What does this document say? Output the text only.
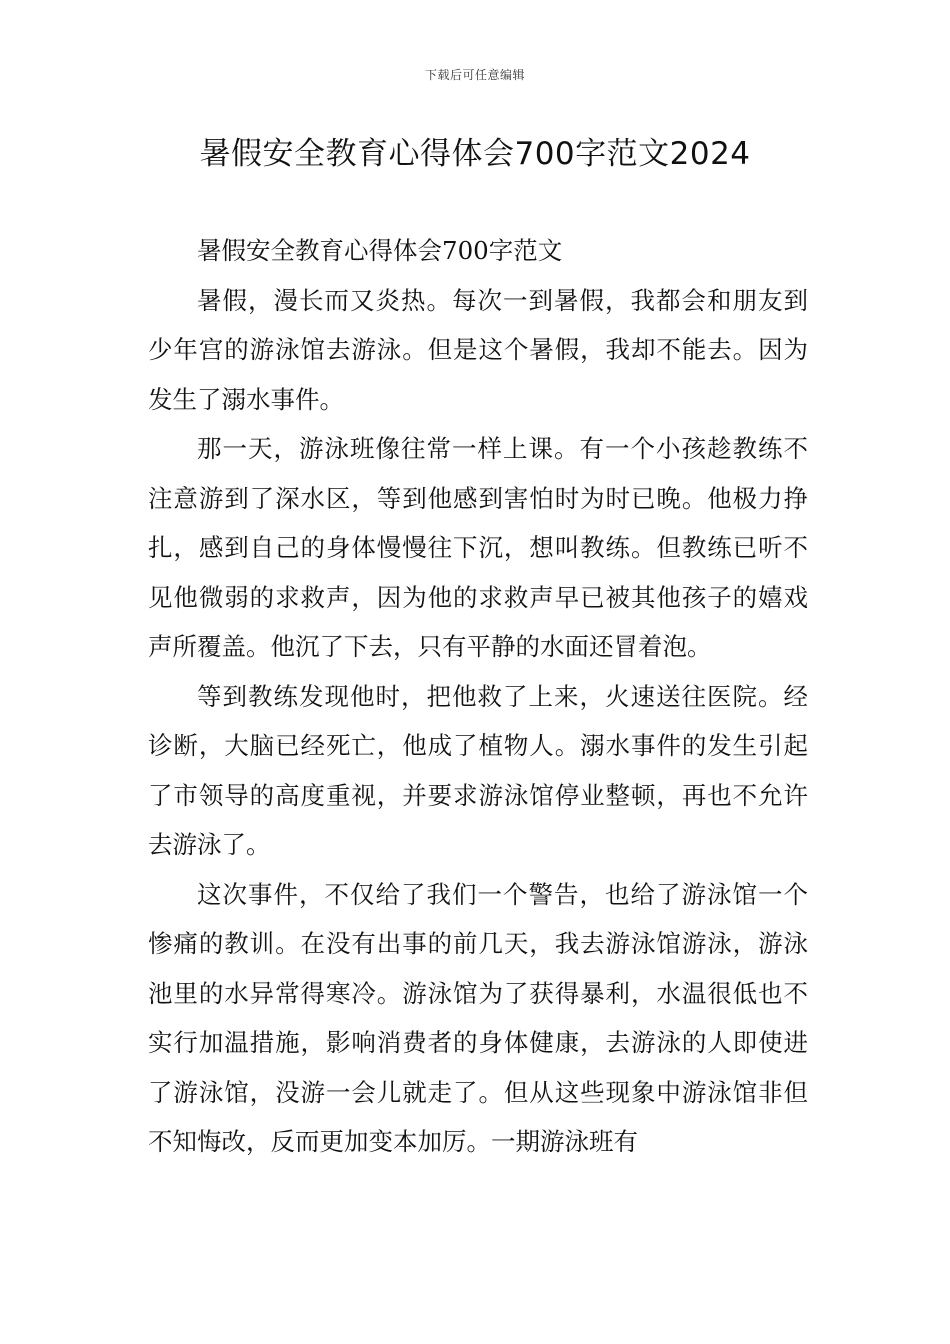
下载后可任意编辑
暑假安全教育心得体会700字范文2024

暑假安全教育心得体会700字范文

暑假，漫长而又炎热。每次一到暑假，我都会和朋友到少年宫的游泳馆去游泳。但是这个暑假，我却不能去。因为发生了溺水事件。

那一天，游泳班像往常一样上课。有一个小孩趁教练不注意游到了深水区，等到他感到害怕时为时已晚。他极力挣扎，感到自己的身体慢慢往下沉，想叫教练。但教练已听不见他微弱的求救声，因为他的求救声早已被其他孩子的嬉戏声所覆盖。他沉了下去，只有平静的水面还冒着泡。

等到教练发现他时，把他救了上来，火速送往医院。经诊断，大脑已经死亡，他成了植物人。溺水事件的发生引起了市领导的高度重视，并要求游泳馆停业整顿，再也不允许去游泳了。

这次事件，不仅给了我们一个警告，也给了游泳馆一个惨痛的教训。在没有出事的前几天，我去游泳馆游泳，游泳池里的水异常得寒冷。游泳馆为了获得暴利，水温很低也不实行加温措施，影响消费者的身体健康，去游泳的人即使进了游泳馆，没游一会儿就走了。但从这些现象中游泳馆非但不知悔改，反而更加变本加厉。一期游泳班有
